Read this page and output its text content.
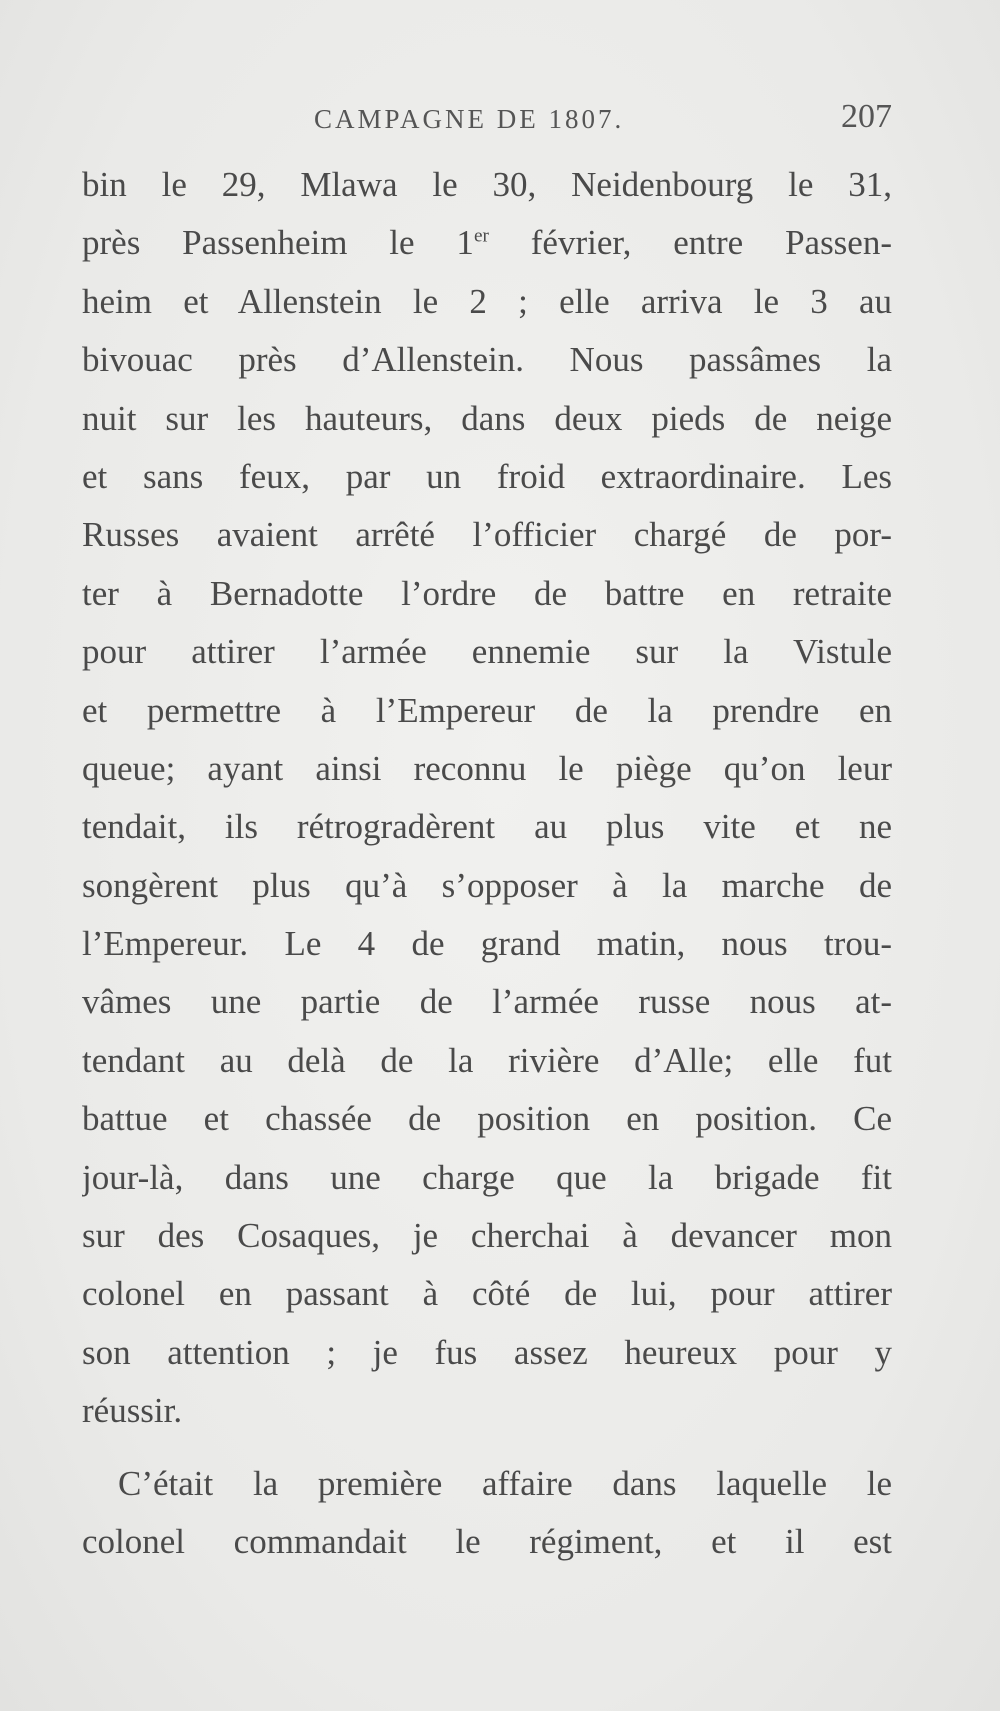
CAMPAGNE DE 1807.	207
bin le 29, Mlawa le 30, Neidenbourg le 31,
près Passenheim le 1er février, entre Passen-
heim et Allenstein le 2 ; elle arriva le 3 au
bivouac près d’Allenstein. Nous passâmes la
nuit sur les hauteurs, dans deux pieds de neige
et sans feux, par un froid extraordinaire. Les
Russes avaient arrêté l’officier chargé de por-
ter à Bernadotte l’ordre de battre en retraite
pour attirer l’armée ennemie sur la Vistule
et permettre à l’Empereur de la prendre en
queue; ayant ainsi reconnu le piège qu’on leur
tendait, ils rétrogradèrent au plus vite et ne
songèrent plus qu’à s’opposer à la marche de
l’Empereur. Le 4 de grand matin, nous trou-
vâmes une partie de l’armée russe nous at-
tendant au delà de la rivière d’Alle; elle fut
battue et chassée de position en position. Ce
jour-là, dans une charge que la brigade fit
sur des Cosaques, je cherchai à devancer mon
colonel en passant à côté de lui, pour attirer
son attention ; je fus assez heureux pour y
réussir.
C’était la première affaire dans laquelle le
colonel commandait le régiment, et il est
